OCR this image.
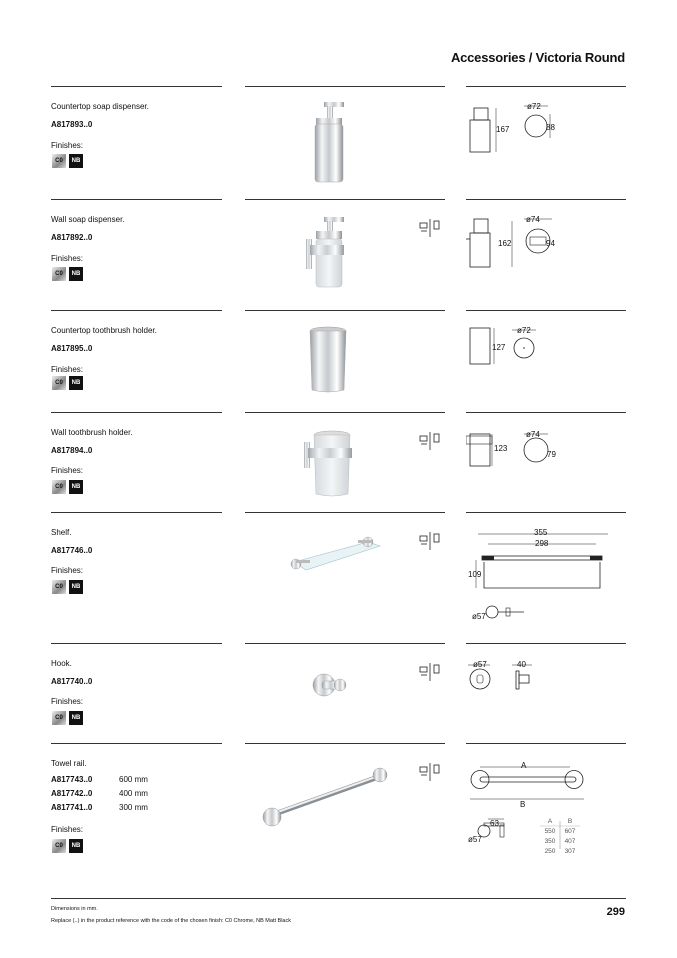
Accessories / Victoria Round
Countertop soap dispenser.
A817893..0
Finishes:
C0	NB
167
ø72
88
Wall soap dispenser.
A817892..0
Finishes:
C0	NB
162
ø74
94
Countertop toothbrush holder.
A817895..0
Finishes:
C0	NB
127
ø72
Wall toothbrush holder.
A817894..0
Finishes:
C0	NB
123
ø74
79
Shelf.
A817746..0
Finishes:
C0	NB
355
298
109
ø57
Hook.
A817740..0
Finishes:
C0	NB
ø57	40
Towel rail.
A817743..0	600 mm
A817742..0	400 mm
A817741..0	300 mm
Finishes:
C0	NB
A
B
63
ø57
A B
550 607
350 407
250 307
Dimensions in mm.
Replace (..) in the product reference with the code of the chosen finish: C0 Chrome, NB Matt Black
299
